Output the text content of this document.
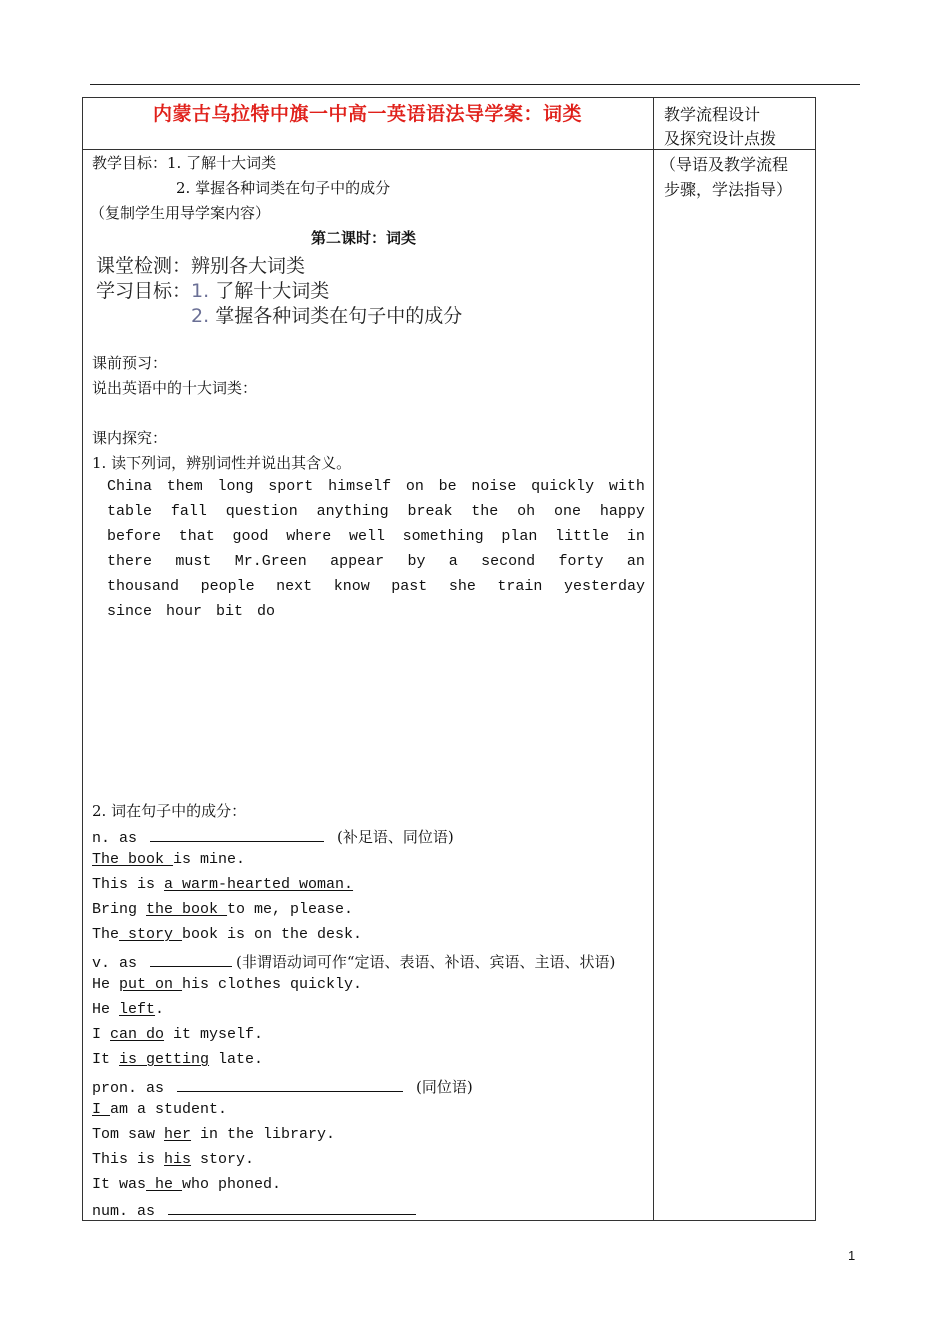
内蒙古乌拉特中旗一中高一英语语法导学案：词类	教学流程设计
及探究设计点拨
（导语及教学流程
步骤，学法指导）
教学目标：1. 了解十大词类
2. 掌握各种词类在句子中的成分
（复制学生用导学案内容）
第二课时：词类
课堂检测：辨别各大词类
学习目标：1. 了解十大词类
2. 掌握各种词类在句子中的成分
课前预习：
说出英语中的十大词类：
课内探究：
1. 读下列词，辨别词性并说出其含义。
China them long sport himself on be noise quickly with
table fall question anything break the oh one happy
before that good where well something plan little in
there must Mr.Green appear by a second forty an
thousand people next know past she train yesterday
since hour bit do
2. 词在句子中的成分：
n. as	(补足语、同位语)
The book is mine.
This is a warm-hearted woman.
Bring the book to me, please.
The story book is on the desk.
v. as	(非谓语动词可作“定语、表语、补语、宾语、主语、状语)
He put on his clothes quickly.
He left.
I can do it myself.
It is getting late.
pron. as	(同位语)
I am a student.
Tom saw her in the library.
This is his story.
It was he who phoned.
num. as
1
